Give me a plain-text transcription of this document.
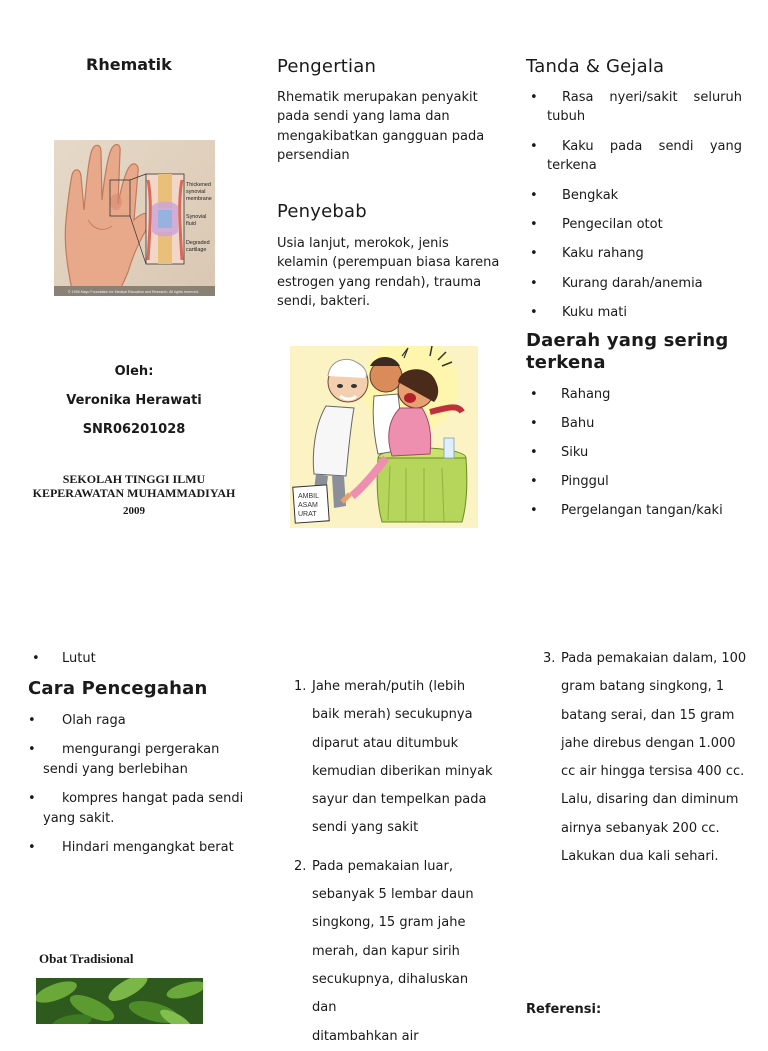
Rhematik
Thickened
synovial
membrane
Synovial
fluid
Degraded
cartilage
© 1998 Mayo Foundation for Medical Education and Research. All rights reserved.
Oleh:
Veronika Herawati
SNR06201028
SEKOLAH TINGGI ILMU
KEPERAWATAN MUHAMMADIYAH
2009
Pengertian
Rhematik merupakan penyakit
pada sendi yang lama dan
mengakibatkan gangguan pada
persendian
Penyebab
Usia lanjut, merokok, jenis
kelamin (perempuan biasa karena
estrogen yang rendah), trauma
sendi, bakteri.
AMBIL
ASAM
URAT
Tanda & Gejala
• Rasa nyeri/sakit seluruh
tubuh
• Kaku pada sendi yang
terkena
• Bengkak
• Pengecilan otot
• Kaku rahang
• Kurang darah/anemia
• Kuku mati
Daerah yang sering
terkena
• Rahang
• Bahu
• Siku
• Pinggul
• Pergelangan tangan/kaki
• Lutut
Cara Pencegahan
• Olah raga
• mengurangi pergerakan
sendi yang berlebihan
• kompres hangat pada sendi
yang sakit.
• Hindari mengangkat berat
Obat Tradisional
1. Jahe merah/putih (lebih
baik merah) secukupnya
diparut atau ditumbuk
kemudian diberikan minyak
sayur dan tempelkan pada
sendi yang sakit
2. Pada pemakaian luar,
sebanyak 5 lembar daun
singkong, 15 gram jahe
merah, dan kapur sirih
secukupnya, dihaluskan dan
ditambahkan air
3. Pada pemakaian dalam, 100
gram batang singkong, 1
batang serai, dan 15 gram
jahe direbus dengan 1.000
cc air hingga tersisa 400 cc.
Lalu, disaring dan diminum
airnya sebanyak 200 cc.
Lakukan dua kali sehari.
Referensi:
